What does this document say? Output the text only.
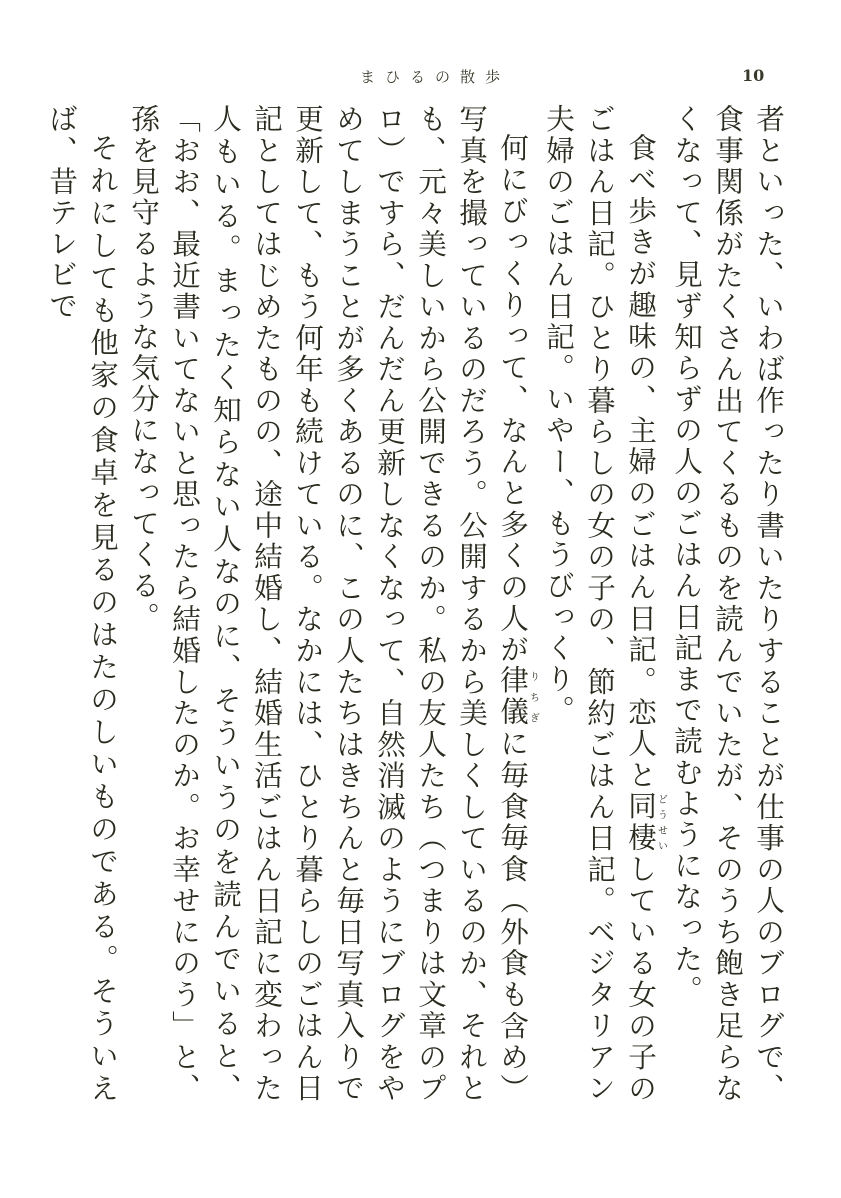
まひるの散歩	10

者といった、いわば作ったり書いたりすることが仕事の人のブログで、食事関係がたくさん出てくるものを読んでいたが、そのうち飽き足らなくなって、見ず知らずの人のごはん日記まで読むようになった。

食べ歩きが趣味の、主婦のごはん日記。恋人と同棲どうせいしている女の子のごはん日記。ひとり暮らしの女の子の、節約ごはん日記。ベジタリアン夫婦のごはん日記。いやー、もうびっくり。

何にびっくりって、なんと多くの人が律儀りちぎに毎食毎食（外食も含め）写真を撮っているのだろう。公開するから美しくしているのか、それとも、元々美しいから公開できるのか。私の友人たち（つまりは文章のプロ）ですら、だんだん更新しなくなって、自然消滅のようにブログをやめてしまうことが多くあるのに、この人たちはきちんと毎日写真入りで更新して、もう何年も続けている。なかには、ひとり暮らしのごはん日記としてはじめたものの、途中結婚し、結婚生活ごはん日記に変わった人もいる。まったく知らない人なのに、そういうのを読んでいると、「おお、最近書いてないと思ったら結婚したのか。お幸せにのう」と、孫を見守るような気分になってくる。

それにしても他家の食卓を見るのはたのしいものである。そういえば、昔テレビで
